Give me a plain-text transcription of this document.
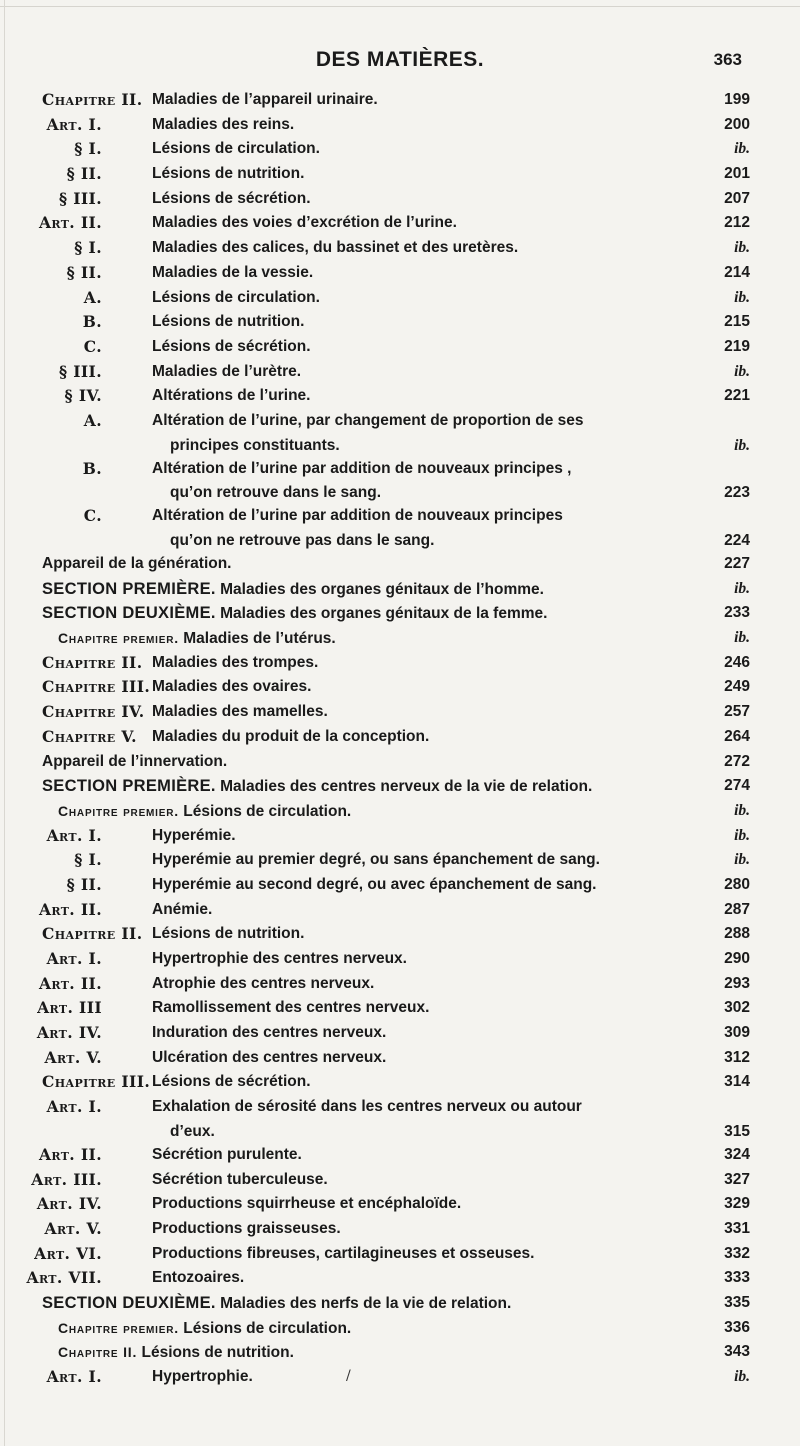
DES MATIÈRES.	363
Chapitre II. Maladies de l’appareil urinaire.	199
Art. I.	Maladies des reins.	200
§ I.	Lésions de circulation.	ib.
§ II.	Lésions de nutrition.	201
§ III.	Lésions de sécrétion.	207
Art. II.	Maladies des voies d’excrétion de l’urine.	212
§ I.	Maladies des calices, du bassinet et des uretères.	ib.
§ II.	Maladies de la vessie.	214
A.	Lésions de circulation.	ib.
B.	Lésions de nutrition.	215
C.	Lésions de sécrétion.	219
§ III.	Maladies de l’urètre.	ib.
§ IV.	Altérations de l’urine.	221
A.	Altération de l’urine, par changement de proportion de ses
principes constituants.	ib.
B.	Altération de l’urine par addition de nouveaux principes ,
qu’on retrouve dans le sang.	223
C.	Altération de l’urine par addition de nouveaux principes
qu’on ne retrouve pas dans le sang.	224
Appareil de la génération.	227
SECTION PREMIÈRE. Maladies des organes génitaux de l’homme.	ib.
SECTION DEUXIÈME. Maladies des organes génitaux de la femme.	233
Chapitre premier. Maladies de l’utérus.	ib.
Chapitre II. Maladies des trompes.	246
Chapitre III. Maladies des ovaires.	249
Chapitre IV. Maladies des mamelles.	257
Chapitre V. Maladies du produit de la conception.	264
Appareil de l’innervation.	272
SECTION PREMIÈRE. Maladies des centres nerveux de la vie de relation.	274
Chapitre premier. Lésions de circulation.	ib.
Art. I.	Hyperémie.	ib.
§ I.	Hyperémie au premier degré, ou sans épanchement de sang.	ib.
§ II.	Hyperémie au second degré, ou avec épanchement de sang.	280
Art. II.	Anémie.	287
Chapitre II. Lésions de nutrition.	288
Art. I.	Hypertrophie des centres nerveux.	290
Art. II.	Atrophie des centres nerveux.	293
Art. III	Ramollissement des centres nerveux.	302
Art. IV.	Induration des centres nerveux.	309
Art. V.	Ulcération des centres nerveux.	312
Chapitre III. Lésions de sécrétion.	314
Art. I.	Exhalation de sérosité dans les centres nerveux ou autour
d’eux.	315
Art. II.	Sécrétion purulente.	324
Art. III.	Sécrétion tuberculeuse.	327
Art. IV.	Productions squirrheuse et encéphaloïde.	329
Art. V.	Productions graisseuses.	331
Art. VI.	Productions fibreuses, cartilagineuses et osseuses.	332
Art. VII.	Entozoaires.	333
SECTION DEUXIÈME. Maladies des nerfs de la vie de relation.	335
Chapitre premier. Lésions de circulation.	336
Chapitre II. Lésions de nutrition.	343
Art. I.	Hypertrophie.	ib.
/
